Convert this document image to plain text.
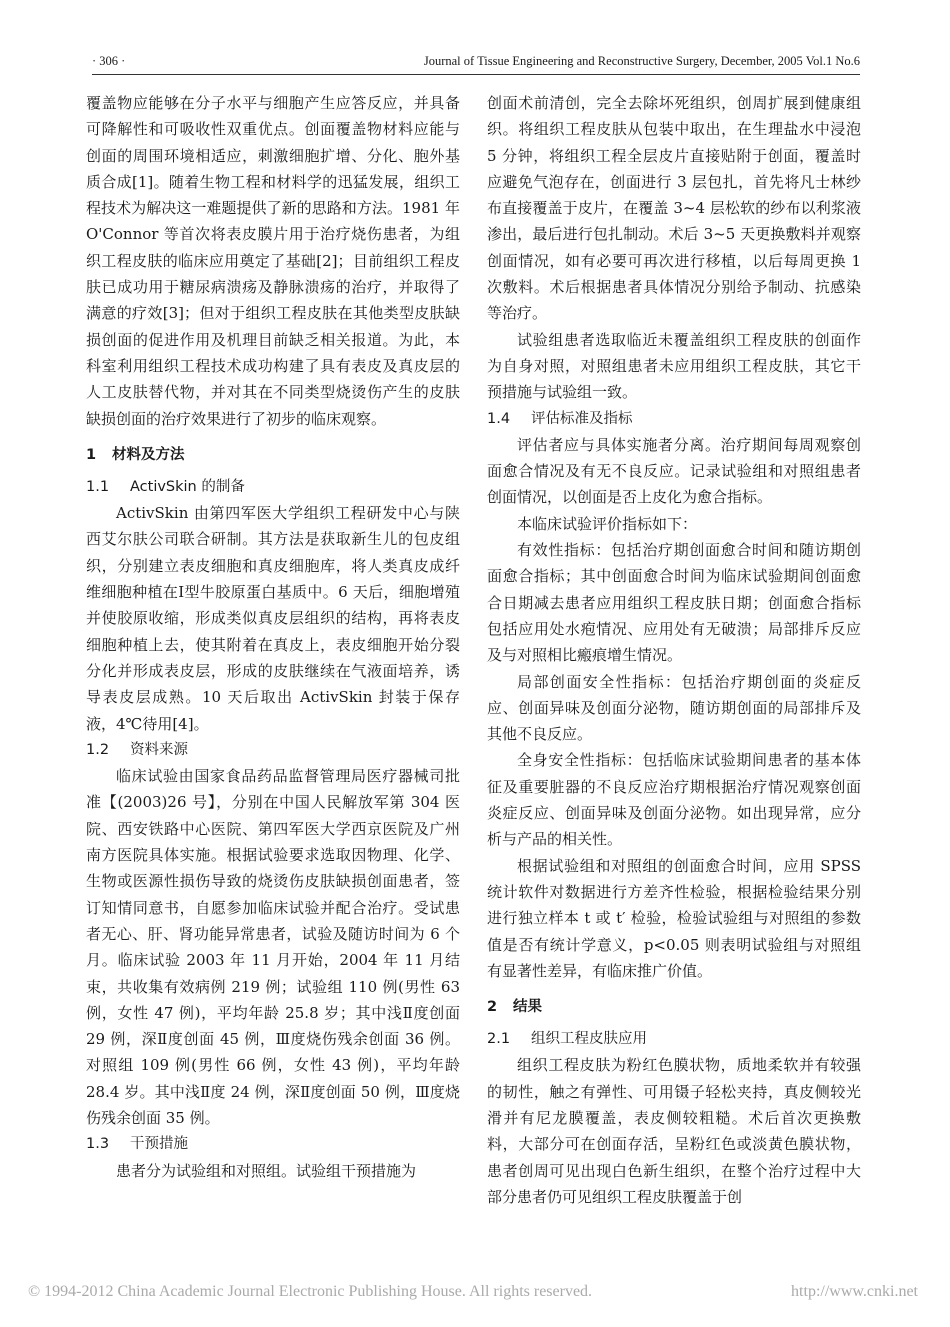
· 306 ·	Journal of Tissue Engineering and Reconstructive Surgery, December, 2005 Vol.1 No.6

覆盖物应能够在分子水平与细胞产生应答反应，并具备可降解性和可吸收性双重优点。创面覆盖物材料应能与创面的周围环境相适应，刺激细胞扩增、分化、胞外基质合成[1]。随着生物工程和材料学的迅猛发展，组织工程技术为解决这一难题提供了新的思路和方法。1981 年 O'Connor 等首次将表皮膜片用于治疗烧伤患者，为组织工程皮肤的临床应用奠定了基础[2]；目前组织工程皮肤已成功用于糖尿病溃疡及静脉溃疡的治疗，并取得了满意的疗效[3]；但对于组织工程皮肤在其他类型皮肤缺损创面的促进作用及机理目前缺乏相关报道。为此，本科室利用组织工程技术成功构建了具有表皮及真皮层的人工皮肤替代物，并对其在不同类型烧烫伤产生的皮肤缺损创面的治疗效果进行了初步的临床观察。

1 材料及方法
1.1 ActivSkin 的制备

ActivSkin 由第四军医大学组织工程研发中心与陕西艾尔肤公司联合研制。其方法是获取新生儿的包皮组织，分别建立表皮细胞和真皮细胞库，将人类真皮成纤维细胞种植在Ⅰ型牛胶原蛋白基质中。6 天后，细胞增殖并使胶原收缩，形成类似真皮层组织的结构，再将表皮细胞种植上去，使其附着在真皮上，表皮细胞开始分裂分化并形成表皮层，形成的皮肤继续在气液面培养，诱导表皮层成熟。10 天后取出 ActivSkin 封装于保存液，4℃待用[4]。

1.2 资料来源

临床试验由国家食品药品监督管理局医疗器械司批准【(2003)26 号】，分别在中国人民解放军第 304 医院、西安铁路中心医院、第四军医大学西京医院及广州南方医院具体实施。根据试验要求选取因物理、化学、生物或医源性损伤导致的烧烫伤皮肤缺损创面患者，签订知情同意书，自愿参加临床试验并配合治疗。受试患者无心、肝、肾功能异常患者，试验及随访时间为 6 个月。临床试验 2003 年 11 月开始，2004 年 11 月结束，共收集有效病例 219 例；试验组 110 例(男性 63 例，女性 47 例)，平均年龄 25.8 岁；其中浅Ⅱ度创面 29 例，深Ⅱ度创面 45 例，Ⅲ度烧伤残余创面 36 例。对照组 109 例(男性 66 例，女性 43 例)，平均年龄 28.4 岁。其中浅Ⅱ度 24 例，深Ⅱ度创面 50 例，Ⅲ度烧伤残余创面 35 例。

1.3 干预措施

患者分为试验组和对照组。试验组干预措施为

创面术前清创，完全去除坏死组织，创周扩展到健康组织。将组织工程皮肤从包装中取出，在生理盐水中浸泡 5 分钟，将组织工程全层皮片直接贴附于创面，覆盖时应避免气泡存在，创面进行 3 层包扎，首先将凡士林纱布直接覆盖于皮片，在覆盖 3~4 层松软的纱布以利浆液渗出，最后进行包扎制动。术后 3~5 天更换敷料并观察创面情况，如有必要可再次进行移植，以后每周更换 1 次敷料。术后根据患者具体情况分别给予制动、抗感染等治疗。

试验组患者选取临近未覆盖组织工程皮肤的创面作为自身对照，对照组患者未应用组织工程皮肤，其它干预措施与试验组一致。

1.4 评估标准及指标

评估者应与具体实施者分离。治疗期间每周观察创面愈合情况及有无不良反应。记录试验组和对照组患者创面情况，以创面是否上皮化为愈合指标。

本临床试验评价指标如下：

有效性指标：包括治疗期创面愈合时间和随访期创面愈合指标；其中创面愈合时间为临床试验期间创面愈合日期减去患者应用组织工程皮肤日期；创面愈合指标包括应用处水疱情况、应用处有无破溃；局部排斥反应及与对照相比瘢痕增生情况。

局部创面安全性指标：包括治疗期创面的炎症反应、创面异味及创面分泌物，随访期创面的局部排斥及其他不良反应。

全身安全性指标：包括临床试验期间患者的基本体征及重要脏器的不良反应治疗期根据治疗情况观察创面炎症反应、创面异味及创面分泌物。如出现异常，应分析与产品的相关性。

根据试验组和对照组的创面愈合时间，应用 SPSS 统计软件对数据进行方差齐性检验，根据检验结果分别进行独立样本 t 或 t′ 检验，检验试验组与对照组的参数值是否有统计学意义，p<0.05 则表明试验组与对照组有显著性差异，有临床推广价值。

2 结果
2.1 组织工程皮肤应用

组织工程皮肤为粉红色膜状物，质地柔软并有较强的韧性，触之有弹性、可用镊子轻松夹持，真皮侧较光滑并有尼龙膜覆盖，表皮侧较粗糙。术后首次更换敷料，大部分可在创面存活，呈粉红色或淡黄色膜状物，患者创周可见出现白色新生组织，在整个治疗过程中大部分患者仍可见组织工程皮肤覆盖于创

© 1994-2012 China Academic Journal Electronic Publishing House. All rights reserved.	http://www.cnki.net
